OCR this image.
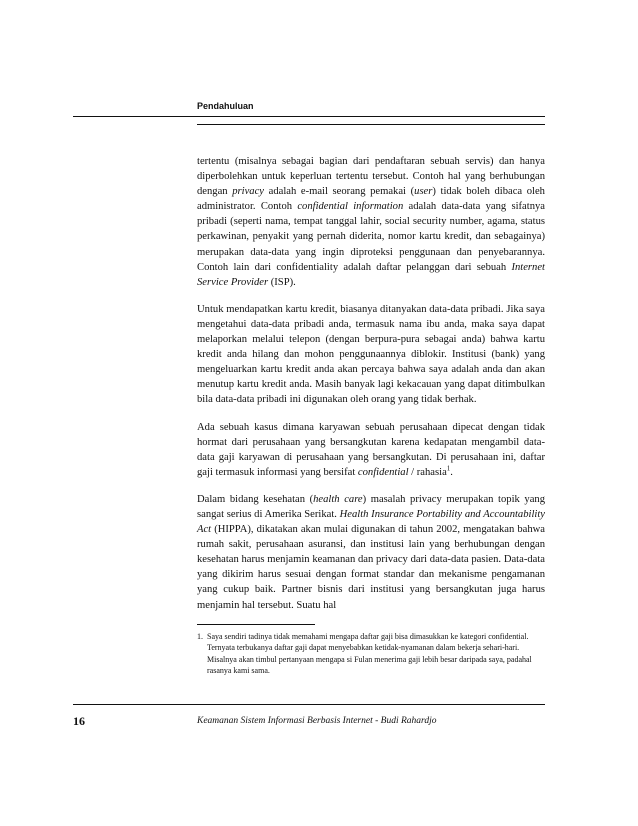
Pendahuluan

tertentu (misalnya sebagai bagian dari pendaftaran sebuah servis) dan hanya diperbolehkan untuk keperluan tertentu tersebut. Contoh hal yang berhubungan dengan privacy adalah e-mail seorang pemakai (user) tidak boleh dibaca oleh administrator. Contoh confidential information adalah data-data yang sifatnya pribadi (seperti nama, tempat tanggal lahir, social security number, agama, status perkawinan, penyakit yang pernah diderita, nomor kartu kredit, dan sebagainya) merupakan data-data yang ingin diproteksi penggunaan dan penyebarannya. Contoh lain dari confidentiality adalah daftar pelanggan dari sebuah Internet Service Provider (ISP).

Untuk mendapatkan kartu kredit, biasanya ditanyakan data-data pribadi. Jika saya mengetahui data-data pribadi anda, termasuk nama ibu anda, maka saya dapat melaporkan melalui telepon (dengan berpura-pura sebagai anda) bahwa kartu kredit anda hilang dan mohon penggunaannya diblokir. Institusi (bank) yang mengeluarkan kartu kredit anda akan percaya bahwa saya adalah anda dan akan menutup kartu kredit anda. Masih banyak lagi kekacauan yang dapat ditimbulkan bila data-data pribadi ini digunakan oleh orang yang tidak berhak.

Ada sebuah kasus dimana karyawan sebuah perusahaan dipecat dengan tidak hormat dari perusahaan yang bersangkutan karena kedapatan mengambil data-data gaji karyawan di perusahaan yang bersangkutan. Di perusahaan ini, daftar gaji termasuk informasi yang bersifat confidential / rahasia$^1$.

Dalam bidang kesehatan (health care) masalah privacy merupakan topik yang sangat serius di Amerika Serikat. Health Insurance Portability and Accountability Act (HIPPA), dikatakan akan mulai digunakan di tahun 2002, mengatakan bahwa rumah sakit, perusahaan asuransi, dan institusi lain yang berhubungan dengan kesehatan harus menjamin keamanan dan privacy dari data-data pasien. Data-data yang dikirim harus sesuai dengan format standar dan mekanisme pengamanan yang cukup baik. Partner bisnis dari institusi yang bersangkutan juga harus menjamin hal tersebut. Suatu hal

1. Saya sendiri tadinya tidak memahami mengapa daftar gaji bisa dimasukkan ke kategori confidential. Ternyata terbukanya daftar gaji dapat menyebabkan ketidak-nyamanan dalam bekerja sehari-hari. Misalnya akan timbul pertanyaan mengapa si Fulan menerima gaji lebih besar daripada saya, padahal rasanya kami sama.
16	Keamanan Sistem Informasi Berbasis Internet - Budi Rahardjo
